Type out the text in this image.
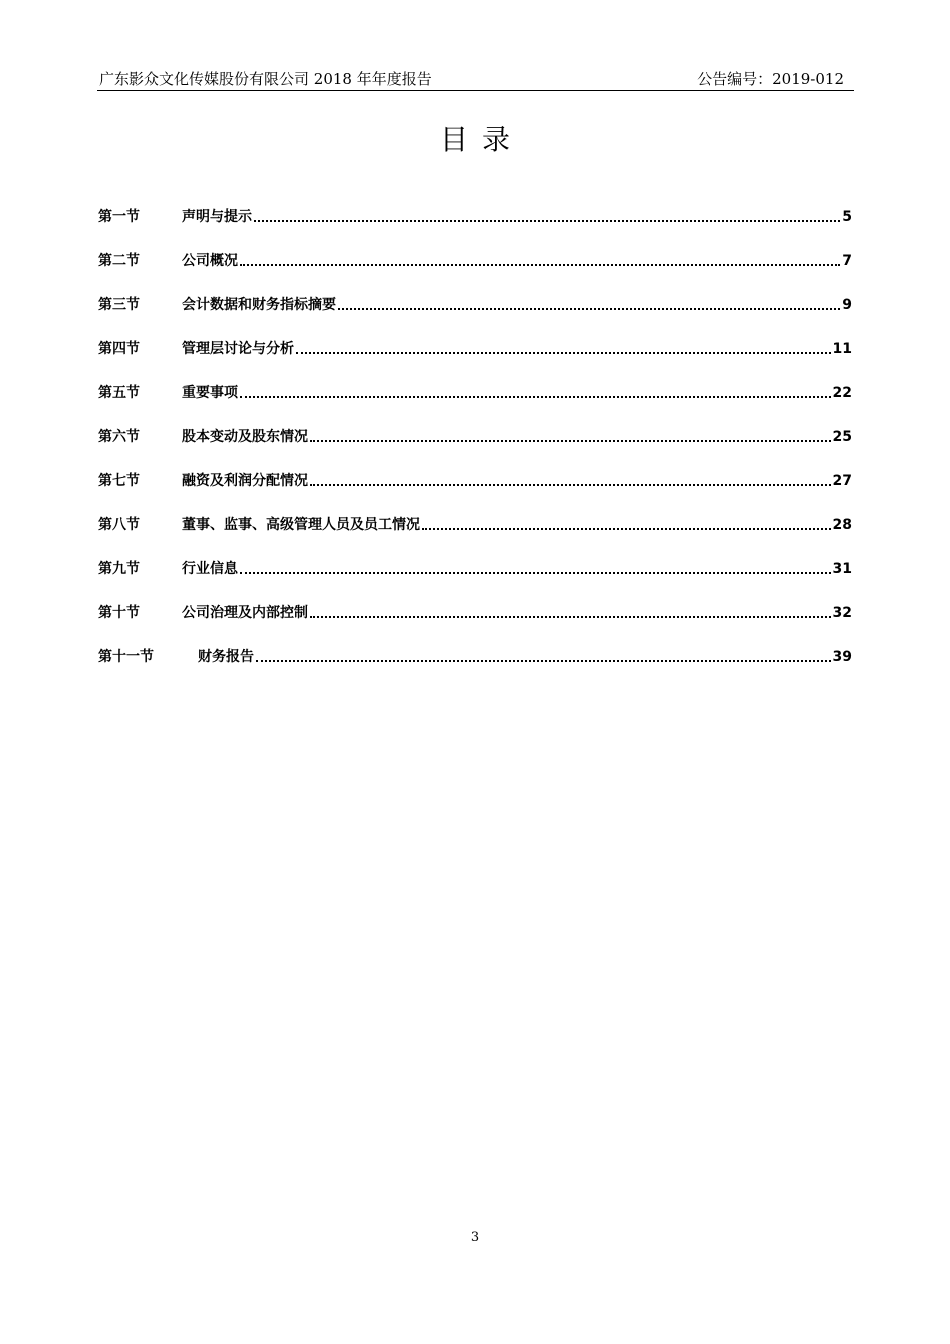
广东影众文化传媒股份有限公司 2018 年年度报告	公告编号：2019-012
目录
第一节	声明与提示	5
第二节	公司概况	7
第三节	会计数据和财务指标摘要	9
第四节	管理层讨论与分析	11
第五节	重要事项	22
第六节	股本变动及股东情况	25
第七节	融资及利润分配情况	27
第八节	董事、监事、高级管理人员及员工情况	28
第九节	行业信息	31
第十节	公司治理及内部控制	32
第十一节	财务报告	39
3
